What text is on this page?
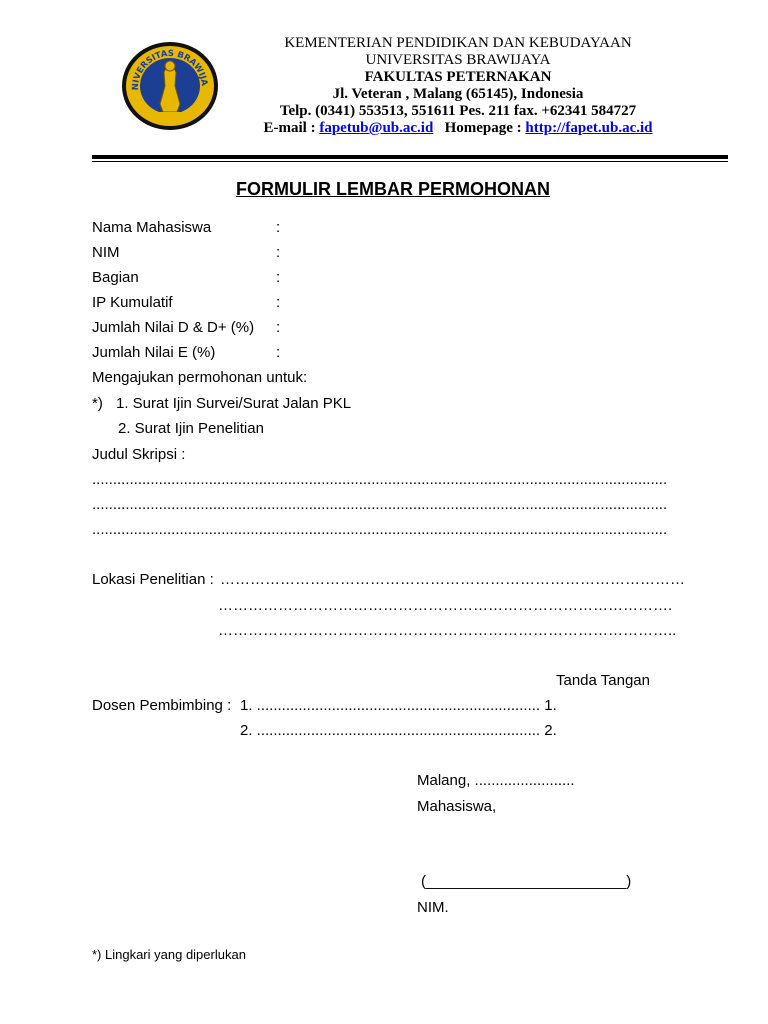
NIVERSITAS BRAWIJA
KEMENTERIAN PENDIDIKAN DAN KEBUDAYAAN
UNIVERSITAS BRAWIJAYA
FAKULTAS PETERNAKAN
Jl. Veteran , Malang (65145), Indonesia
Telp. (0341) 553513, 551611 Pes. 211 fax. +62341 584727
E-mail : fapetub@ub.ac.id Homepage : http://fapet.ub.ac.id
FORMULIR LEMBAR PERMOHONAN
Nama Mahasiswa	:
NIM	:
Bagian	:
IP Kumulatif	:
Jumlah Nilai D & D+ (%) :
Jumlah Nilai E (%)	:
Mengajukan permohonan untuk:
*) 1. Surat Ijin Survei/Surat Jalan PKL
2. Surat Ijin Penelitian
Judul Skripsi :
..........................................................................................................................................
..........................................................................................................................................
..........................................................................................................................................
Lokasi Penelitian : …………………………………………………………………………………
……………………………………………………………………………….
………………………………………………………………………………..
Tanda Tangan
Dosen Pembimbing : 1. .................................................................... 1.
2. .................................................................... 2.
Malang, ........................
Mahasiswa,
(________________________)
NIM.
*) Lingkari yang diperlukan
